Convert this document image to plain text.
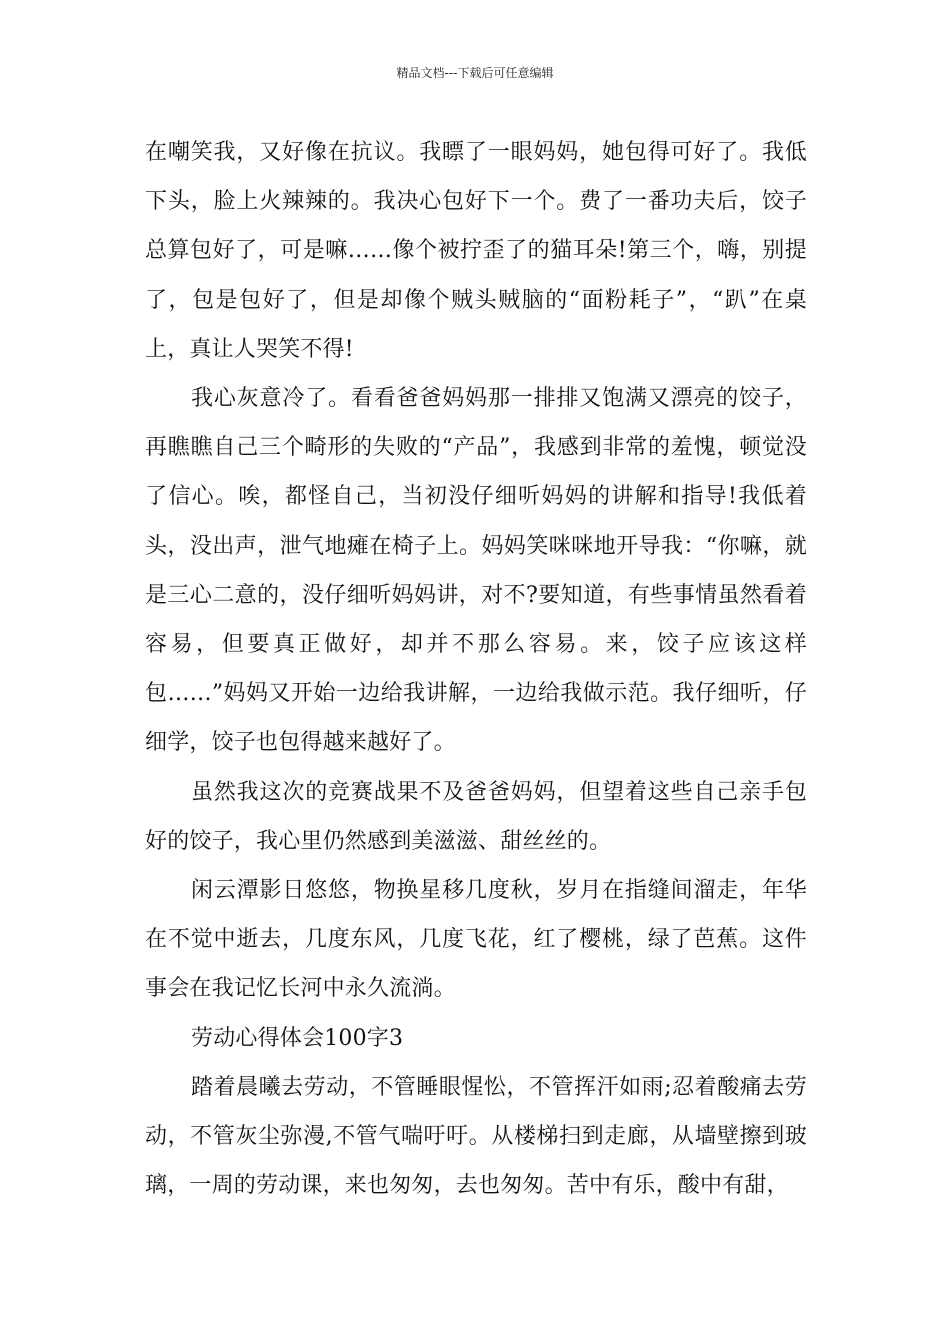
精品文档---下载后可任意编辑

在嘲笑我，又好像在抗议。我瞟了一眼妈妈，她包得可好了。我低下头，脸上火辣辣的。我决心包好下一个。费了一番功夫后，饺子总算包好了，可是嘛……像个被拧歪了的猫耳朵!第三个，嗨，别提了，包是包好了，但是却像个贼头贼脑的“面粉耗子”，“趴”在桌上，真让人哭笑不得!

我心灰意冷了。看看爸爸妈妈那一排排又饱满又漂亮的饺子，再瞧瞧自己三个畸形的失败的“产品”，我感到非常的羞愧，顿觉没了信心。唉，都怪自己，当初没仔细听妈妈的讲解和指导!我低着头，没出声，泄气地瘫在椅子上。妈妈笑咪咪地开导我：“你嘛，就是三心二意的，没仔细听妈妈讲，对不?要知道，有些事情虽然看着容易，但要真正做好，却并不那么容易。来，饺子应该这样包……”妈妈又开始一边给我讲解，一边给我做示范。我仔细听，仔细学，饺子也包得越来越好了。

虽然我这次的竞赛战果不及爸爸妈妈，但望着这些自己亲手包好的饺子，我心里仍然感到美滋滋、甜丝丝的。

闲云潭影日悠悠，物换星移几度秋，岁月在指缝间溜走，年华在不觉中逝去，几度东风，几度飞花，红了樱桃，绿了芭蕉。这件事会在我记忆长河中永久流淌。

劳动心得体会100字3

踏着晨曦去劳动，不管睡眼惺忪，不管挥汗如雨;忍着酸痛去劳动，不管灰尘弥漫,不管气喘吁吁。从楼梯扫到走廊，从墙壁擦到玻璃，一周的劳动课，来也匆匆，去也匆匆。苦中有乐，酸中有甜，
